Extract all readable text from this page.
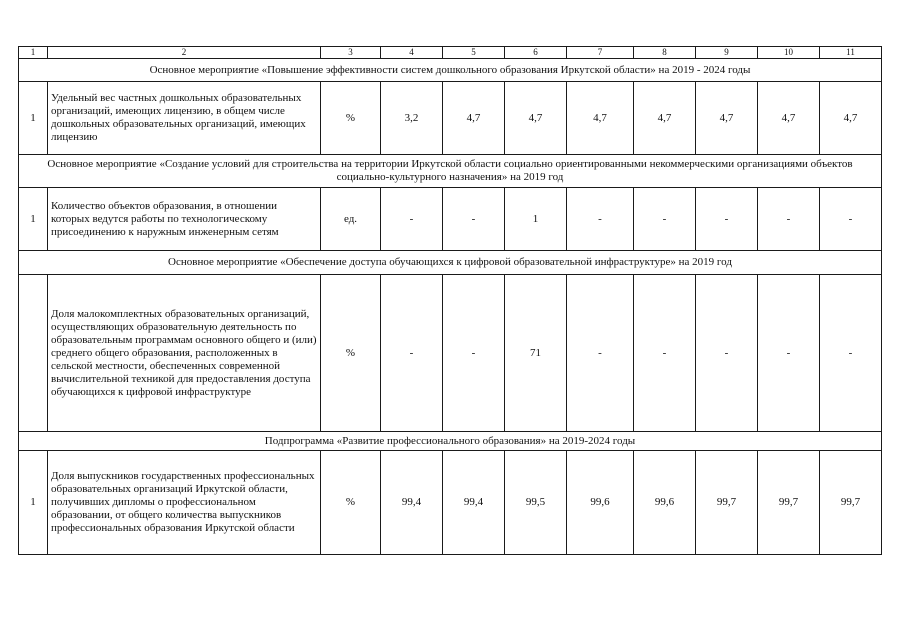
1	2	3	4	5	6	7	8	9	10	11
Основное мероприятие «Повышение эффективности систем дошкольного образования Иркутской области» на 2019 - 2024 годы										
1	Удельный вес частных дошкольных образовательных организаций, имеющих лицензию, в общем числе дошкольных образовательных организаций, имеющих лицензию	%	3,2	4,7	4,7	4,7	4,7	4,7	4,7	4,7
Основное мероприятие «Создание условий для строительства на территории Иркутской области социально ориентированными некоммерческими организациями объектов социально-культурного назначения» на 2019 год										
1	Количество объектов образования, в отношении которых ведутся работы по технологическому присоединению к наружным инженерным сетям	ед.	-	-	1	-	-	-	-	-
Основное мероприятие «Обеспечение доступа обучающихся к цифровой образовательной инфраструктуре» на 2019 год										
	Доля малокомплектных образовательных организаций, осуществляющих образовательную деятельность по образовательным программам основного общего и (или) среднего общего образования, расположенных в сельской местности, обеспеченных современной вычислительной техникой для предоставления доступа обучающихся к цифровой инфраструктуре	%	-	-	71	-	-	-	-	-
Подпрограмма «Развитие профессионального образования» на 2019-2024 годы										
1	Доля выпускников государственных профессиональных образовательных организаций Иркутской области, получивших дипломы о профессиональном образовании, от общего количества выпускников профессиональных образования Иркутской области	%	99,4	99,4	99,5	99,6	99,6	99,7	99,7	99,7
